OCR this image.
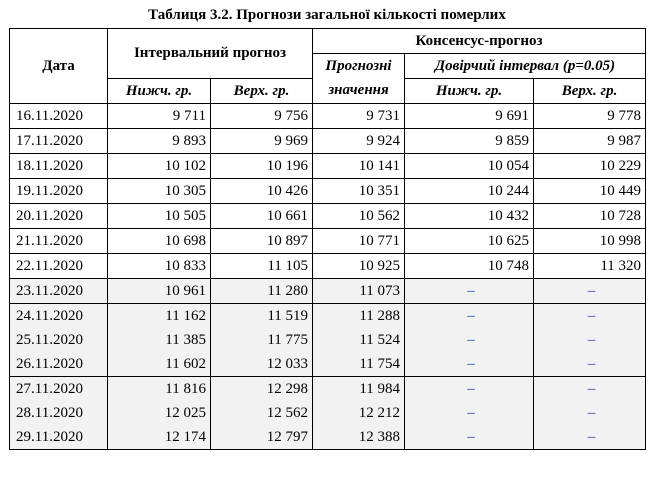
Таблиця 3.2. Прогнози загальної кількості померлих
Дата	Інтервальний прогноз		Консенсус-прогноз		
			Прогнозні	Довірчий інтервал (p=0.05)	
	Нижч. гр.	Верх. гр.	значення	Нижч. гр.	Верх. гр.
16.11.2020	9 711	9 756	9 731	9 691	9 778
17.11.2020	9 893	9 969	9 924	9 859	9 987
18.11.2020	10 102	10 196	10 141	10 054	10 229
19.11.2020	10 305	10 426	10 351	10 244	10 449
20.11.2020	10 505	10 661	10 562	10 432	10 728
21.11.2020	10 698	10 897	10 771	10 625	10 998
22.11.2020	10 833	11 105	10 925	10 748	11 320
23.11.2020	10 961	11 280	11 073	–	–
24.11.2020	11 162	11 519	11 288	–	–
25.11.2020	11 385	11 775	11 524	–	–
26.11.2020	11 602	12 033	11 754	–	–
27.11.2020	11 816	12 298	11 984	–	–
28.11.2020	12 025	12 562	12 212	–	–
29.11.2020	12 174	12 797	12 388	–	–
